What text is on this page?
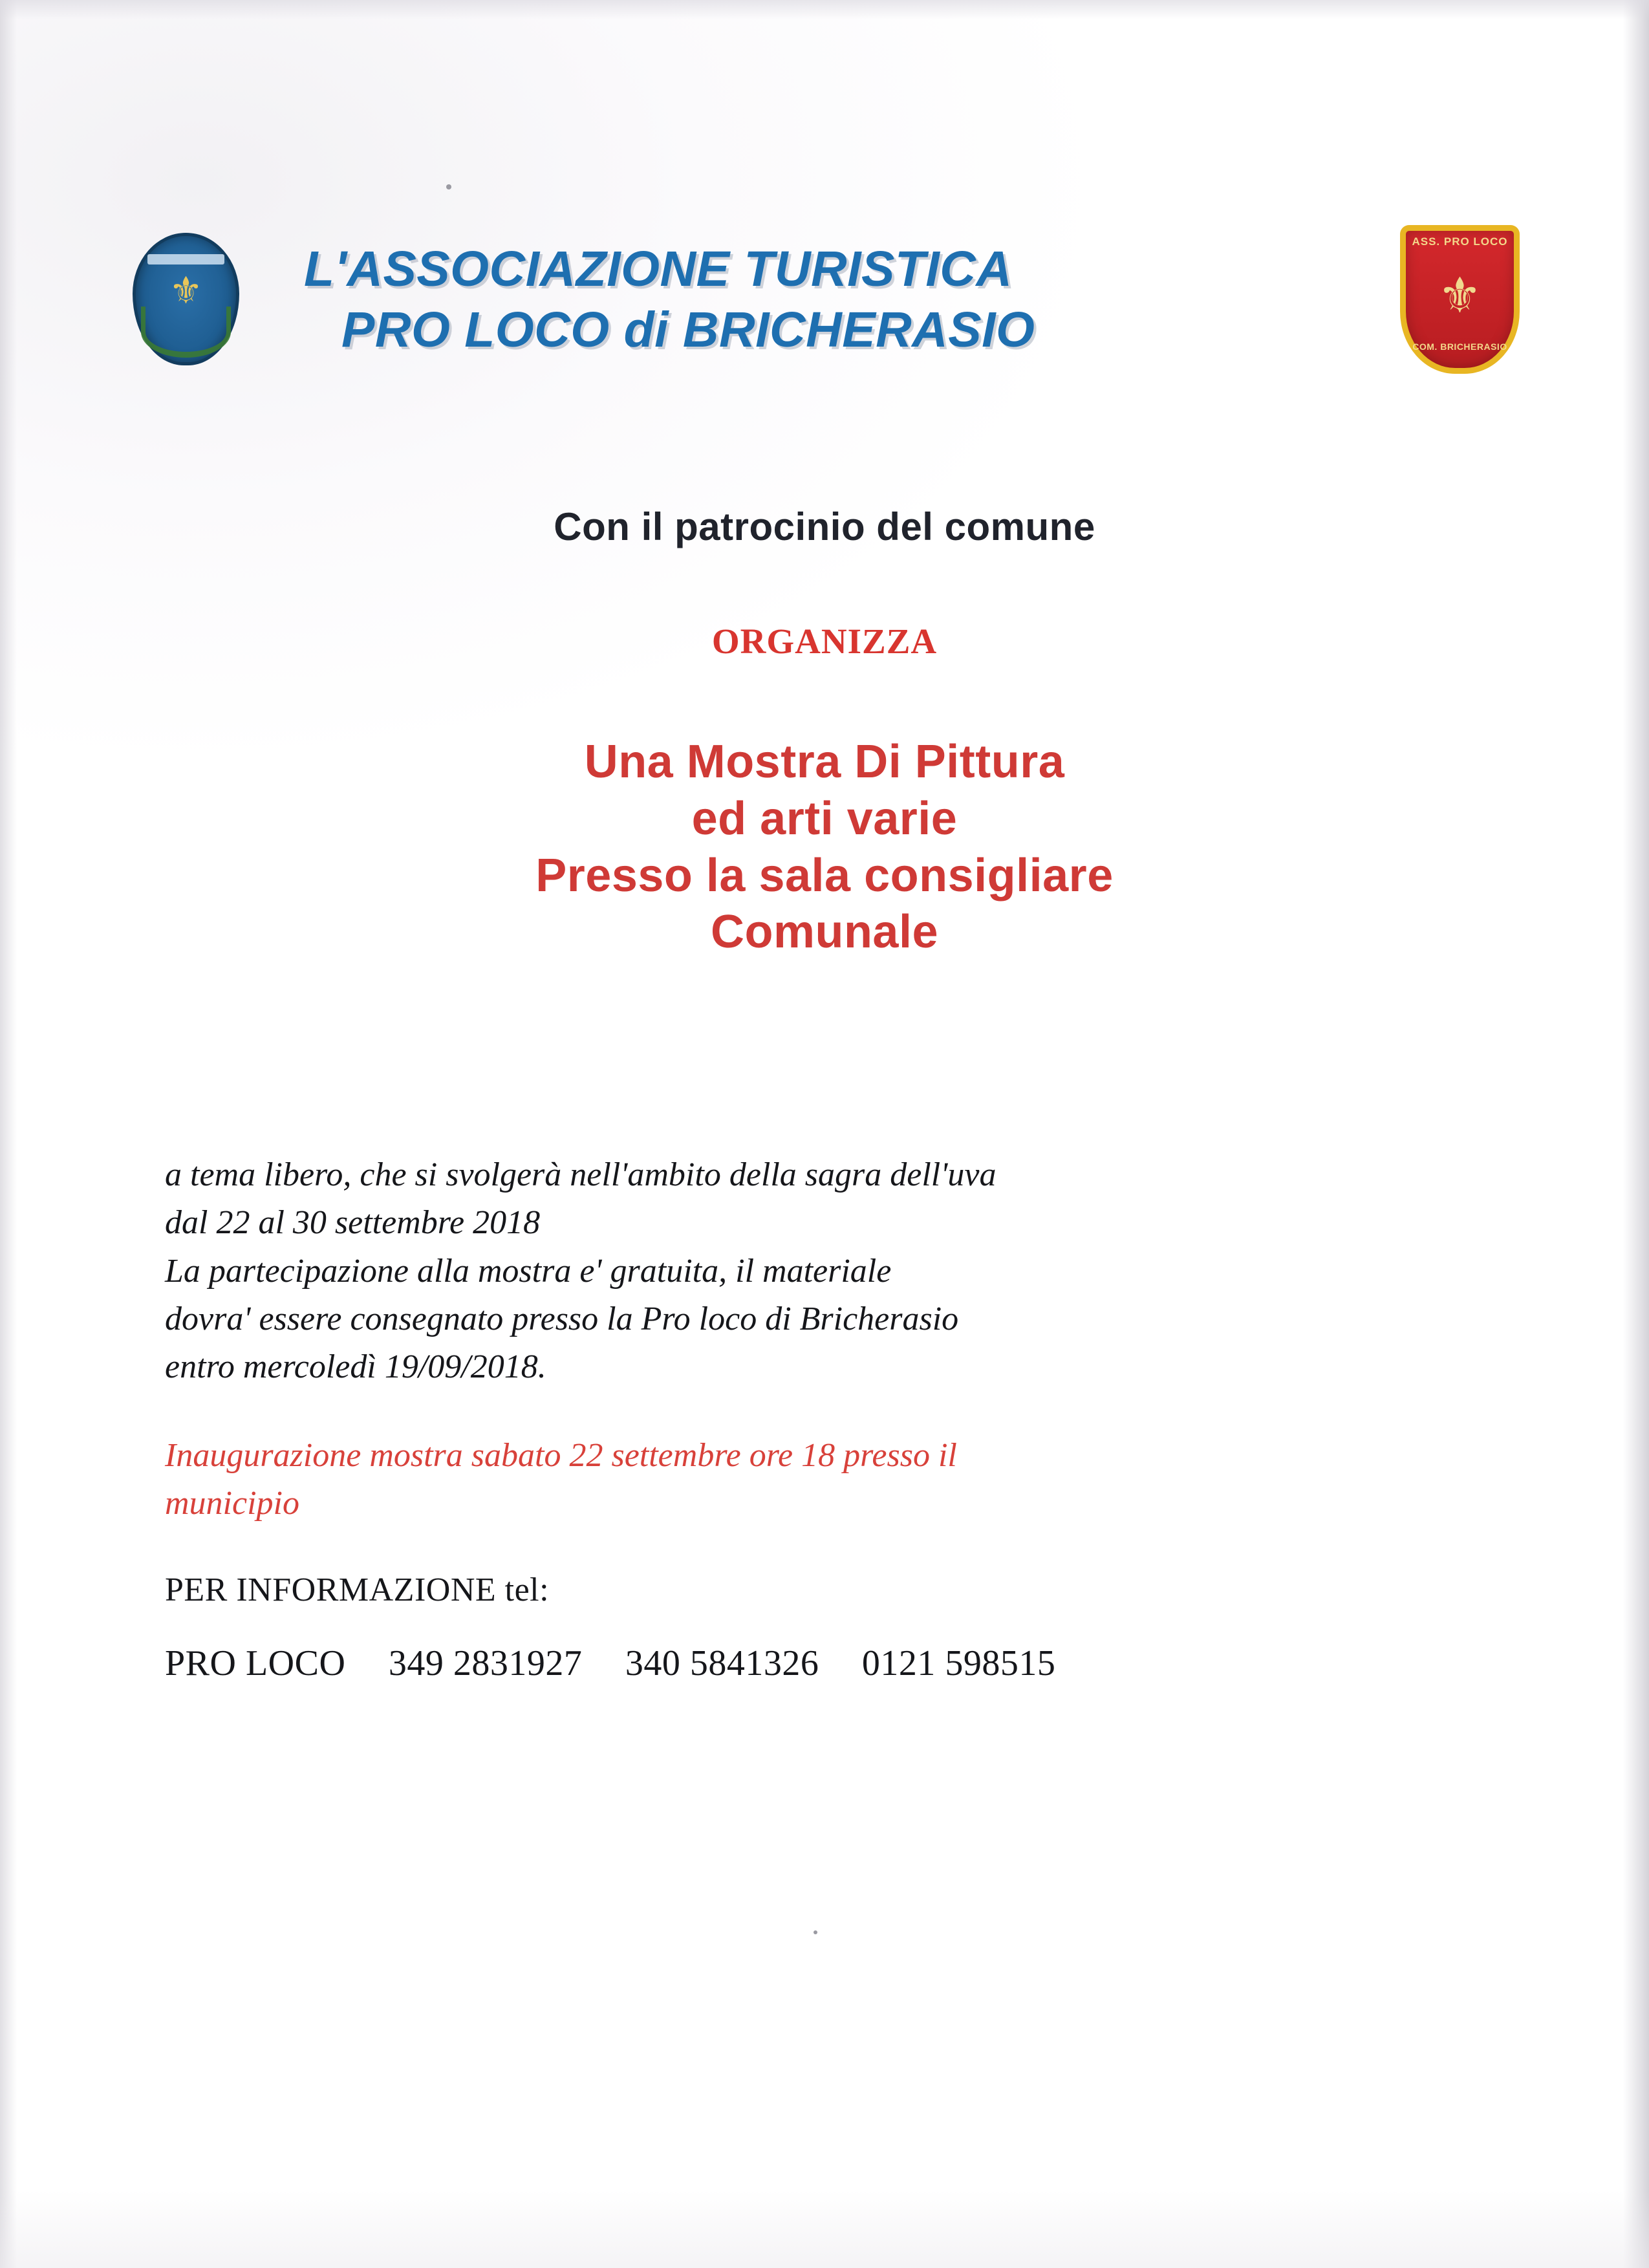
⚜ L'ASSOCIAZIONE TURISTICA
PRO LOCO di BRICHERASIO
ASS. PRO LOCO
⚜
COM. BRICHERASIO
Con il patrocinio del comune
ORGANIZZA
Una Mostra Di Pittura
ed arti varie
Presso la sala consigliare
Comunale

a tema libero, che si svolgerà nell'ambito della sagra dell'uva
dal 22 al 30 settembre 2018
La partecipazione alla mostra e' gratuita, il materiale
dovra' essere consegnato presso la Pro loco di Bricherasio
entro mercoledì 19/09/2018.

Inaugurazione mostra sabato 22 settembre ore 18 presso il
municipio

PER INFORMAZIONE tel:
PRO LOCO 349 2831927 340 5841326 0121 598515
